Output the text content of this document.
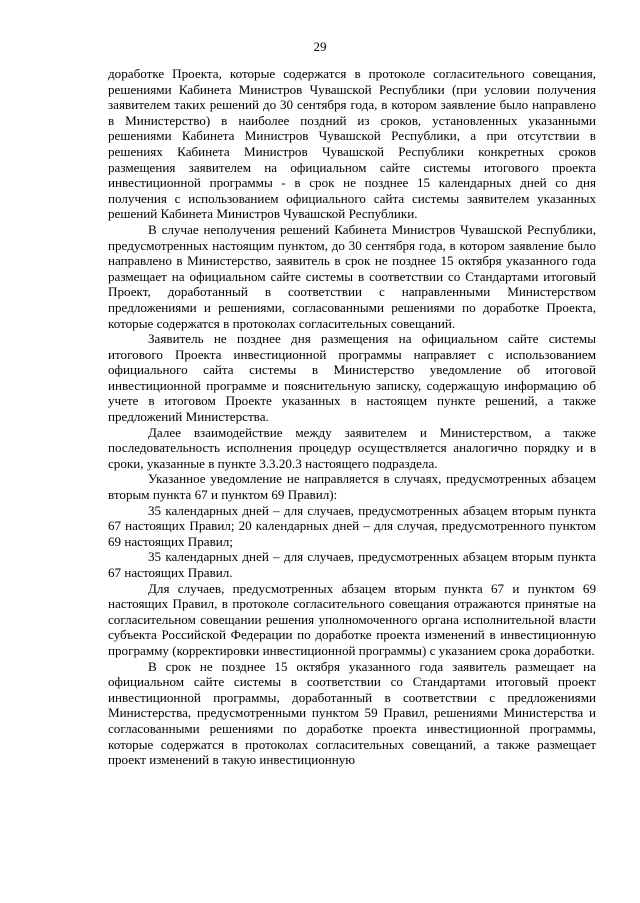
29

доработке Проекта, которые содержатся в протоколе согласительного совещания, решениями Кабинета Министров Чувашской Республики (при условии получения заявителем таких решений до 30 сентября года, в котором заявление было направлено в Министерство) в наиболее поздний из сроков, установленных указанными решениями Кабинета Министров Чувашской Республики, а при отсутствии в решениях Кабинета Министров Чувашской Республики конкретных сроков размещения заявителем на официальном сайте системы итогового проекта инвестиционной программы - в срок не позднее 15 календарных дней со дня получения с использованием официального сайта системы заявителем указанных решений Кабинета Министров Чувашской Республики.

В случае неполучения решений Кабинета Министров Чувашской Республики, предусмотренных настоящим пунктом, до 30 сентября года, в котором заявление было направлено в Министерство, заявитель в срок не позднее 15 октября указанного года размещает на официальном сайте системы в соответствии со Стандартами итоговый Проект, доработанный в соответствии с направленными Министерством предложениями и решениями, согласованными решениями по доработке Проекта, которые содержатся в протоколах согласительных совещаний.

Заявитель не позднее дня размещения на официальном сайте системы итогового Проекта инвестиционной программы направляет с использованием официального сайта системы в Министерство уведомление об итоговой инвестиционной программе и пояснительную записку, содержащую информацию об учете в итоговом Проекте указанных в настоящем пункте решений, а также предложений Министерства.

Далее взаимодействие между заявителем и Министерством, а также последовательность исполнения процедур осуществляется аналогично порядку и в сроки, указанные в пункте 3.3.20.3 настоящего подраздела.

Указанное уведомление не направляется в случаях, предусмотренных абзацем вторым пункта 67 и пунктом 69 Правил):

35 календарных дней – для случаев, предусмотренных абзацем вторым пункта 67 настоящих Правил; 20 календарных дней – для случая, предусмотренного пунктом 69 настоящих Правил;

35 календарных дней – для случаев, предусмотренных абзацем вторым пункта 67 настоящих Правил.

Для случаев, предусмотренных абзацем вторым пункта 67 и пунктом 69 настоящих Правил, в протоколе согласительного совещания отражаются принятые на согласительном совещании решения уполномоченного органа исполнительной власти субъекта Российской Федерации по доработке проекта изменений в инвестиционную программу (корректировки инвестиционной программы) с указанием срока доработки.

В срок не позднее 15 октября указанного года заявитель размещает на официальном сайте системы в соответствии со Стандартами итоговый проект инвестиционной программы, доработанный в соответствии с предложениями Министерства, предусмотренными пунктом 59 Правил, решениями Министерства и согласованными решениями по доработке проекта инвестиционной программы, которые содержатся в протоколах согласительных совещаний, а также размещает проект изменений в такую инвестиционную
